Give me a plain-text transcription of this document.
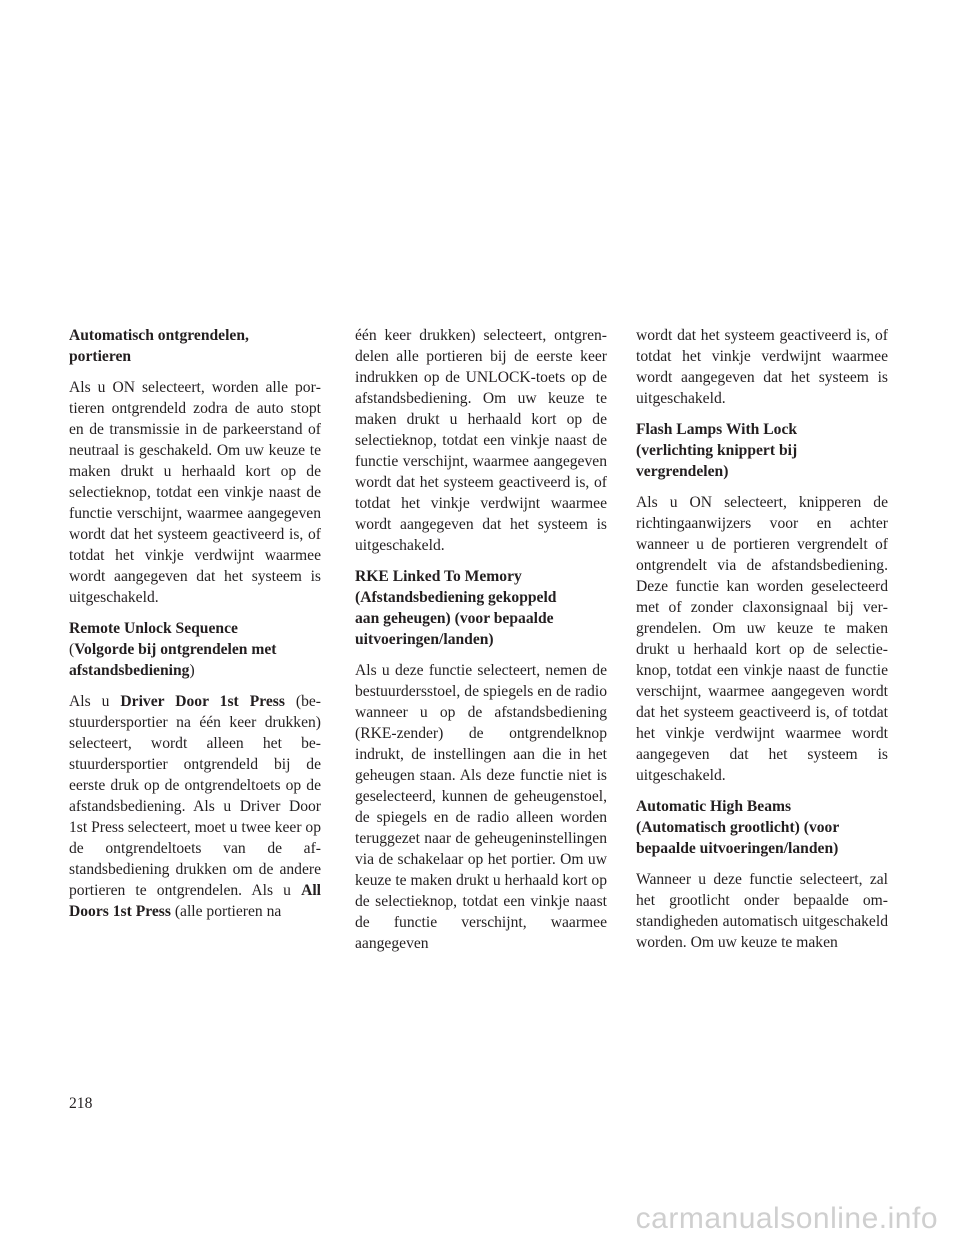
Automatisch ontgrendelen,
portieren

Als u ON selecteert, worden alle portieren ontgrendeld zodra de auto stopt en de transmissie in de parkeerstand of neutraal is geschakeld. Om uw keuze te maken drukt u herhaald kort op de selectieknop, totdat een vinkje naast de functie verschijnt, waarmee aangegeven wordt dat het systeem geactiveerd is, of totdat het vinkje verdwijnt waarmee wordt aangegeven dat het systeem is uitgeschakeld.

Remote Unlock Sequence
(Volgorde bij ontgrendelen met
afstandsbediening)

Als u Driver Door 1st Press (bestuurdersportier na één keer drukken) selecteert, wordt alleen het bestuurdersportier ontgrendeld bij de eerste druk op de ontgrendeltoets op de afstandsbediening. Als u Driver Door 1st Press selecteert, moet u twee keer op de ontgrendeltoets van de afstandsbediening drukken om de andere portieren te ontgrendelen. Als u All Doors 1st Press (alle portieren na

één keer drukken) selecteert, ontgrendelen alle portieren bij de eerste keer indrukken op de UNLOCK-toets op de afstandsbediening. Om uw keuze te maken drukt u herhaald kort op de selectieknop, totdat een vinkje naast de functie verschijnt, waarmee aangegeven wordt dat het systeem geactiveerd is, of totdat het vinkje verdwijnt waarmee wordt aangegeven dat het systeem is uitgeschakeld.

RKE Linked To Memory
(Afstandsbediening gekoppeld
aan geheugen) (voor bepaalde
uitvoeringen/landen)

Als u deze functie selecteert, nemen de bestuurdersstoel, de spiegels en de radio wanneer u op de afstandsbediening (RKE-zender) de ontgrendelknop indrukt, de instellingen aan die in het geheugen staan. Als deze functie niet is geselecteerd, kunnen de geheugenstoel, de spiegels en de radio alleen worden teruggezet naar de geheugeninstellingen via de schakelaar op het portier. Om uw keuze te maken drukt u herhaald kort op de selectieknop, totdat een vinkje naast de functie verschijnt, waarmee aangegeven

wordt dat het systeem geactiveerd is, of totdat het vinkje verdwijnt waarmee wordt aangegeven dat het systeem is uitgeschakeld.

Flash Lamps With Lock
(verlichting knippert bij
vergrendelen)

Als u ON selecteert, knipperen de richtingaanwijzers voor en achter wanneer u de portieren vergrendelt of ontgrendelt via de afstandsbediening. Deze functie kan worden geselecteerd met of zonder claxonsignaal bij vergrendelen. Om uw keuze te maken drukt u herhaald kort op de selectieknop, totdat een vinkje naast de functie verschijnt, waarmee aangegeven wordt dat het systeem geactiveerd is, of totdat het vinkje verdwijnt waarmee wordt aangegeven dat het systeem is uitgeschakeld.

Automatic High Beams
(Automatisch grootlicht) (voor
bepaalde uitvoeringen/landen)

Wanneer u deze functie selecteert, zal het grootlicht onder bepaalde omstandigheden automatisch uitgeschakeld worden. Om uw keuze te maken

218
carmanualsonline.info
